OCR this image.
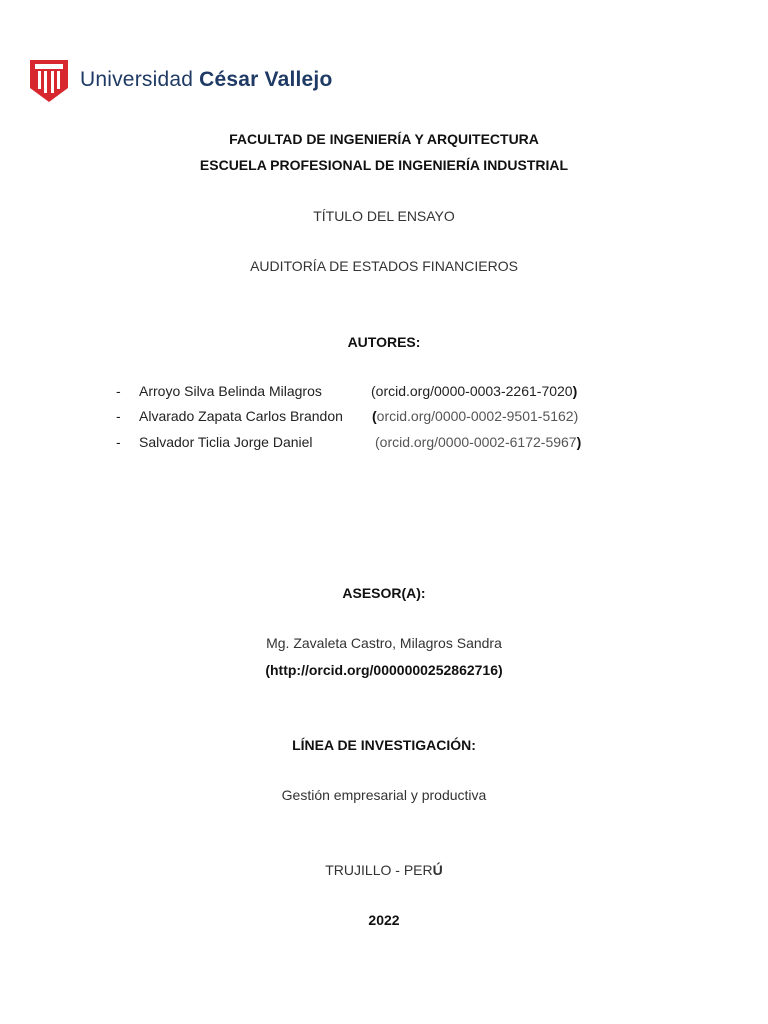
Universidad César Vallejo
FACULTAD DE INGENIERÍA Y ARQUITECTURA
ESCUELA PROFESIONAL DE INGENIERÍA INDUSTRIAL
TÍTULO DEL ENSAYO
AUDITORÍA DE ESTADOS FINANCIEROS
AUTORES:
- Arroyo Silva Belinda Milagros	(orcid.org/0000-0003-2261-7020)
- Alvarado Zapata Carlos Brandon (orcid.org/0000-0002-9501-5162)
- Salvador Ticlia Jorge Daniel	(orcid.org/0000-0002-6172-5967)
ASESOR(A):
Mg. Zavaleta Castro, Milagros Sandra
(http://orcid.org/0000000252862716)
LÍNEA DE INVESTIGACIÓN:
Gestión empresarial y productiva
TRUJILLO - PERÚ
2022
